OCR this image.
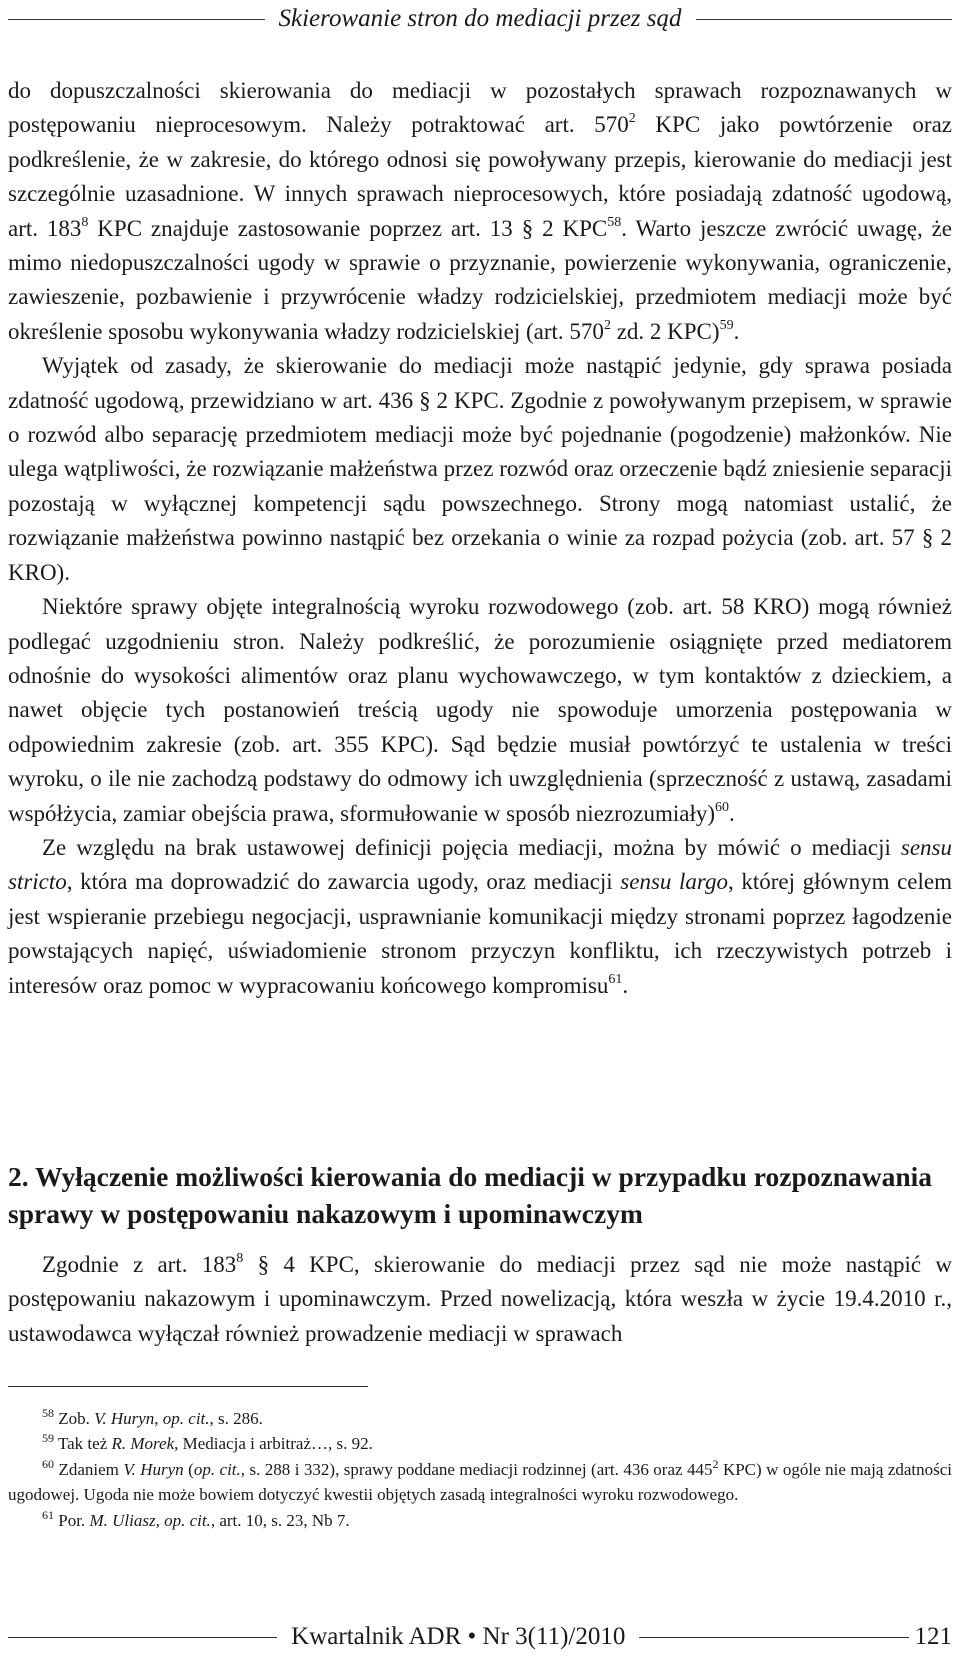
Skierowanie stron do mediacji przez sąd

do dopuszczalności skierowania do mediacji w pozostałych sprawach rozpoznawanych w postępowaniu nieprocesowym. Należy potraktować art. $570^2$ KPC jako powtórzenie oraz podkreślenie, że w zakresie, do którego odnosi się powoływany przepis, kierowanie do mediacji jest szczególnie uzasadnione. W innych sprawach nieprocesowych, które posiadają zdatność ugodową, art. $183^8$ KPC znajduje zastosowanie poprzez art. 13 § 2 KPC$^{58}$. Warto jeszcze zwrócić uwagę, że mimo niedopuszczalności ugody w sprawie o przyznanie, powierzenie wykonywania, ograniczenie, zawieszenie, pozbawienie i przywrócenie władzy rodzicielskiej, przedmiotem mediacji może być określenie sposobu wykonywania władzy rodzicielskiej (art. $570^2$ zd. 2 KPC)$^{59}$.

Wyjątek od zasady, że skierowanie do mediacji może nastąpić jedynie, gdy sprawa posiada zdatność ugodową, przewidziano w art. 436 § 2 KPC. Zgodnie z powoływanym przepisem, w sprawie o rozwód albo separację przedmiotem mediacji może być pojednanie (pogodzenie) małżonków. Nie ulega wątpliwości, że rozwiązanie małżeństwa przez rozwód oraz orzeczenie bądź zniesienie separacji pozostają w wyłącznej kompetencji sądu powszechnego. Strony mogą natomiast ustalić, że rozwiązanie małżeństwa powinno nastąpić bez orzekania o winie za rozpad pożycia (zob. art. 57 § 2 KRO).

Niektóre sprawy objęte integralnością wyroku rozwodowego (zob. art. 58 KRO) mogą również podlegać uzgodnieniu stron. Należy podkreślić, że porozumienie osiągnięte przed mediatorem odnośnie do wysokości alimentów oraz planu wychowawczego, w tym kontaktów z dzieckiem, a nawet objęcie tych postanowień treścią ugody nie spowoduje umorzenia postępowania w odpowiednim zakresie (zob. art. 355 KPC). Sąd będzie musiał powtórzyć te ustalenia w treści wyroku, o ile nie zachodzą podstawy do odmowy ich uwzględnienia (sprzeczność z ustawą, zasadami współżycia, zamiar obejścia prawa, sformułowanie w sposób niezrozumiały)$^{60}$.

Ze względu na brak ustawowej definicji pojęcia mediacji, można by mówić o mediacji sensu stricto, która ma doprowadzić do zawarcia ugody, oraz mediacji sensu largo, której głównym celem jest wspieranie przebiegu negocjacji, usprawnianie komunikacji między stronami poprzez łagodzenie powstających napięć, uświadomienie stronom przyczyn konfliktu, ich rzeczywistych potrzeb i interesów oraz pomoc w wypracowaniu końcowego kompromisu$^{61}$.

2. Wyłączenie możliwości kierowania do mediacji w przypadku rozpoznawania sprawy w postępowaniu nakazowym i upominawczym

Zgodnie z art. $183^8$ § 4 KPC, skierowanie do mediacji przez sąd nie może nastąpić w postępowaniu nakazowym i upominawczym. Przed nowelizacją, która weszła w życie 19.4.2010 r., ustawodawca wyłączał również prowadzenie mediacji w sprawach

$^{58}$ Zob. V. Huryn, op. cit., s. 286.

$^{59}$ Tak też R. Morek, Mediacja i arbitraż…, s. 92.

$^{60}$ Zdaniem V. Huryn (op. cit., s. 288 i 332), sprawy poddane mediacji rodzinnej (art. 436 oraz $445^2$ KPC) w ogóle nie mają zdatności ugodowej. Ugoda nie może bowiem dotyczyć kwestii objętych zasadą integralności wyroku rozwodowego.

$^{61}$ Por. M. Uliasz, op. cit., art. 10, s. 23, Nb 7.

Kwartalnik ADR • Nr 3(11)/2010	121
